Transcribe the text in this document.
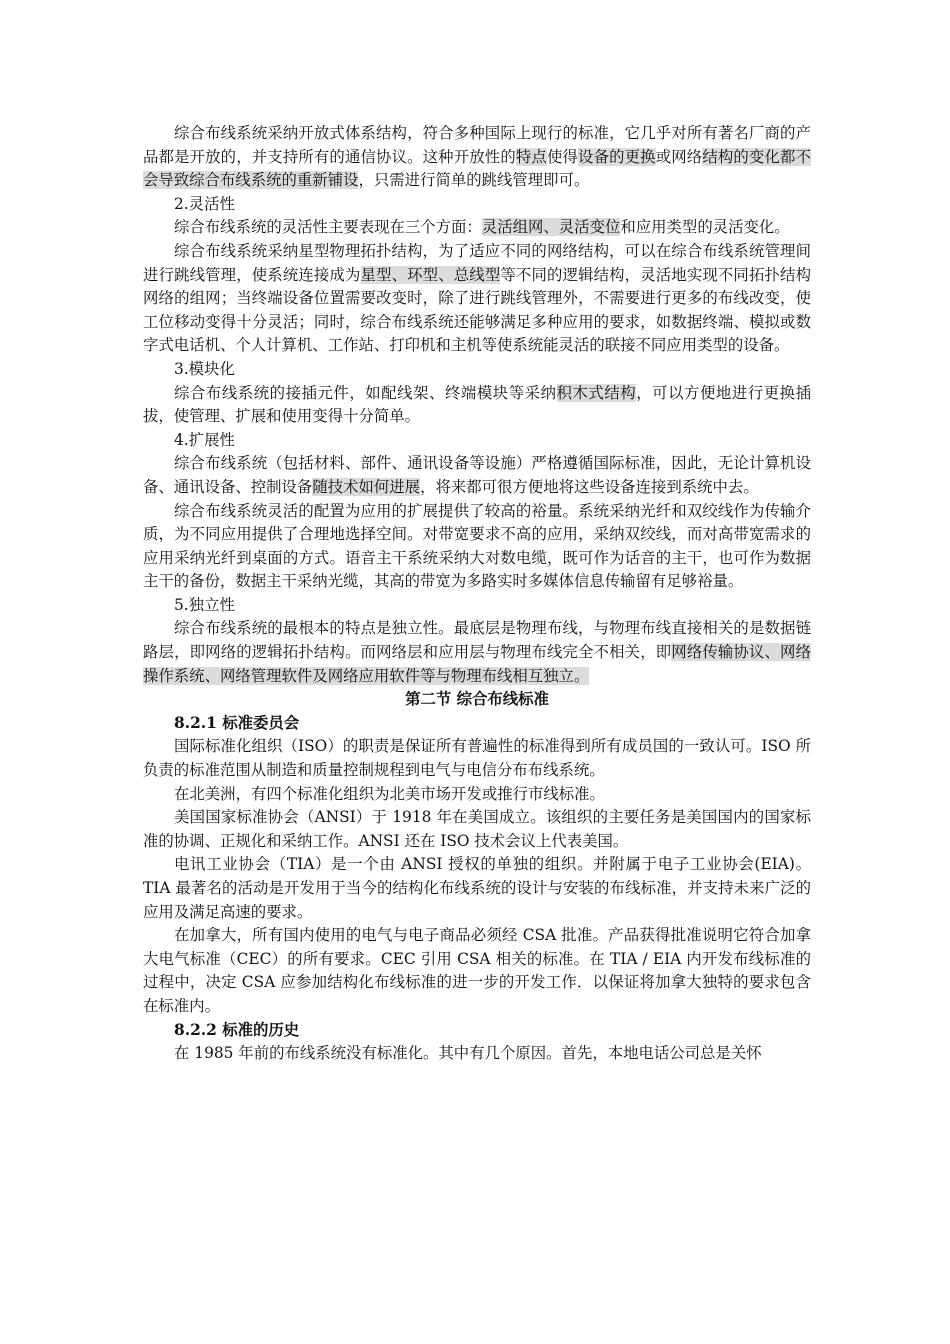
综合布线系统采纳开放式体系结构，符合多种国际上现行的标准，它几乎对所有著名厂商的产品都是开放的，并支持所有的通信协议。这种开放性的特点使得设备的更换或网络结构的变化都不会导致综合布线系统的重新铺设，只需进行简单的跳线管理即可。
2.灵活性
综合布线系统的灵活性主要表现在三个方面：灵活组网、灵活变位和应用类型的灵活变化。
综合布线系统采纳星型物理拓扑结构，为了适应不同的网络结构，可以在综合布线系统管理间进行跳线管理，使系统连接成为星型、环型、总线型等不同的逻辑结构，灵活地实现不同拓扑结构网络的组网；当终端设备位置需要改变时，除了进行跳线管理外，不需要进行更多的布线改变，使工位移动变得十分灵活；同时，综合布线系统还能够满足多种应用的要求，如数据终端、模拟或数字式电话机、个人计算机、工作站、打印机和主机等使系统能灵活的联接不同应用类型的设备。
3.模块化
综合布线系统的接插元件，如配线架、终端模块等采纳积木式结构，可以方便地进行更换插拔，使管理、扩展和使用变得十分简单。
4.扩展性
综合布线系统（包括材料、部件、通讯设备等设施）严格遵循国际标准，因此，无论计算机设备、通讯设备、控制设备随技术如何进展，将来都可很方便地将这些设备连接到系统中去。
综合布线系统灵活的配置为应用的扩展提供了较高的裕量。系统采纳光纤和双绞线作为传输介质，为不同应用提供了合理地选择空间。对带宽要求不高的应用，采纳双绞线，而对高带宽需求的应用采纳光纤到桌面的方式。语音主干系统采纳大对数电缆，既可作为话音的主干，也可作为数据主干的备份，数据主干采纳光缆，其高的带宽为多路实时多媒体信息传输留有足够裕量。
5.独立性
综合布线系统的最根本的特点是独立性。最底层是物理布线，与物理布线直接相关的是数据链路层，即网络的逻辑拓扑结构。而网络层和应用层与物理布线完全不相关，即网络传输协议、网络操作系统、网络管理软件及网络应用软件等与物理布线相互独立。
第二节 综合布线标准
8.2.1 标准委员会
国际标准化组织（ISO）的职责是保证所有普遍性的标准得到所有成员国的一致认可。ISO 所负责的标准范围从制造和质量控制规程到电气与电信分布布线系统。
在北美洲，有四个标准化组织为北美市场开发或推行市线标准。
美国国家标准协会（ANSI）于 1918 年在美国成立。该组织的主要任务是美国国内的国家标准的协调、正规化和采纳工作。ANSI 还在 ISO 技术会议上代表美国。
电讯工业协会（TIA）是一个由 ANSI 授权的单独的组织。并附属于电子工业协会(EIA)。TIA 最著名的活动是开发用于当今的结构化布线系统的设计与安装的布线标准，并支持未来广泛的应用及满足高速的要求。
在加拿大，所有国内使用的电气与电子商品必须经 CSA 批准。产品获得批准说明它符合加拿大电气标准（CEC）的所有要求。CEC 引用 CSA 相关的标准。在 TIA / EIA 内开发布线标准的过程中，决定 CSA 应参加结构化布线标准的进一步的开发工作．以保证将加拿大独特的要求包含在标准内。
8.2.2 标准的历史
在 1985 年前的布线系统没有标准化。其中有几个原因。首先，本地电话公司总是关怀
